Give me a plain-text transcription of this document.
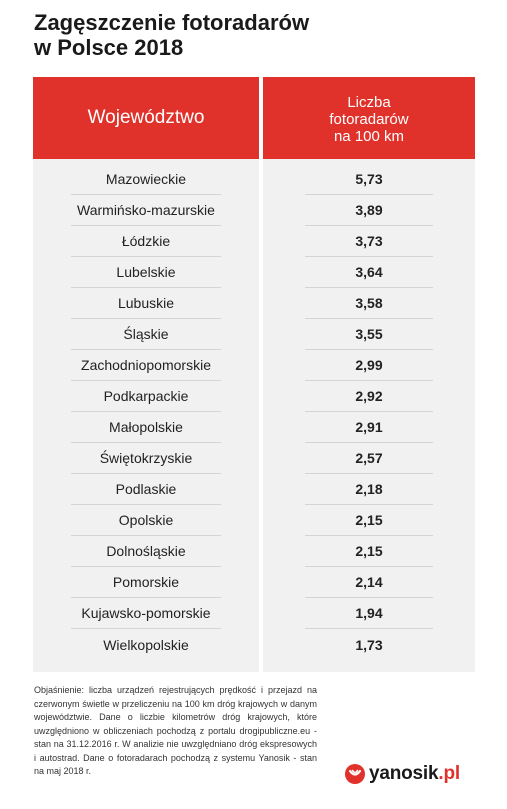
Zagęszczenie fotoradarów
w Polsce 2018
Województwo
Liczba
fotoradarów
na 100 km
Mazowieckie	5,73
Warmińsko-mazurskie	3,89
Łódzkie	3,73
Lubelskie	3,64
Lubuskie	3,58
Śląskie	3,55
Zachodniopomorskie	2,99
Podkarpackie	2,92
Małopolskie	2,91
Świętokrzyskie	2,57
Podlaskie	2,18
Opolskie	2,15
Dolnośląskie	2,15
Pomorskie	2,14
Kujawsko-pomorskie	1,94
Wielkopolskie	1,73
Objaśnienie: liczba urządzeń rejestrujących prędkość i przejazd na czerwonym świetle w przeliczeniu na 100 km dróg krajowych w danym województwie. Dane o liczbie kilometrów dróg krajowych, które uwzględniono w obliczeniach pochodzą z portalu drogipubliczne.eu - stan na 31.12.2016 r. W analizie nie uwzględniano dróg ekspresowych i autostrad. Dane o fotoradarach pochodzą z systemu Yanosik - stan na maj 2018 r.	yanosik.pl
